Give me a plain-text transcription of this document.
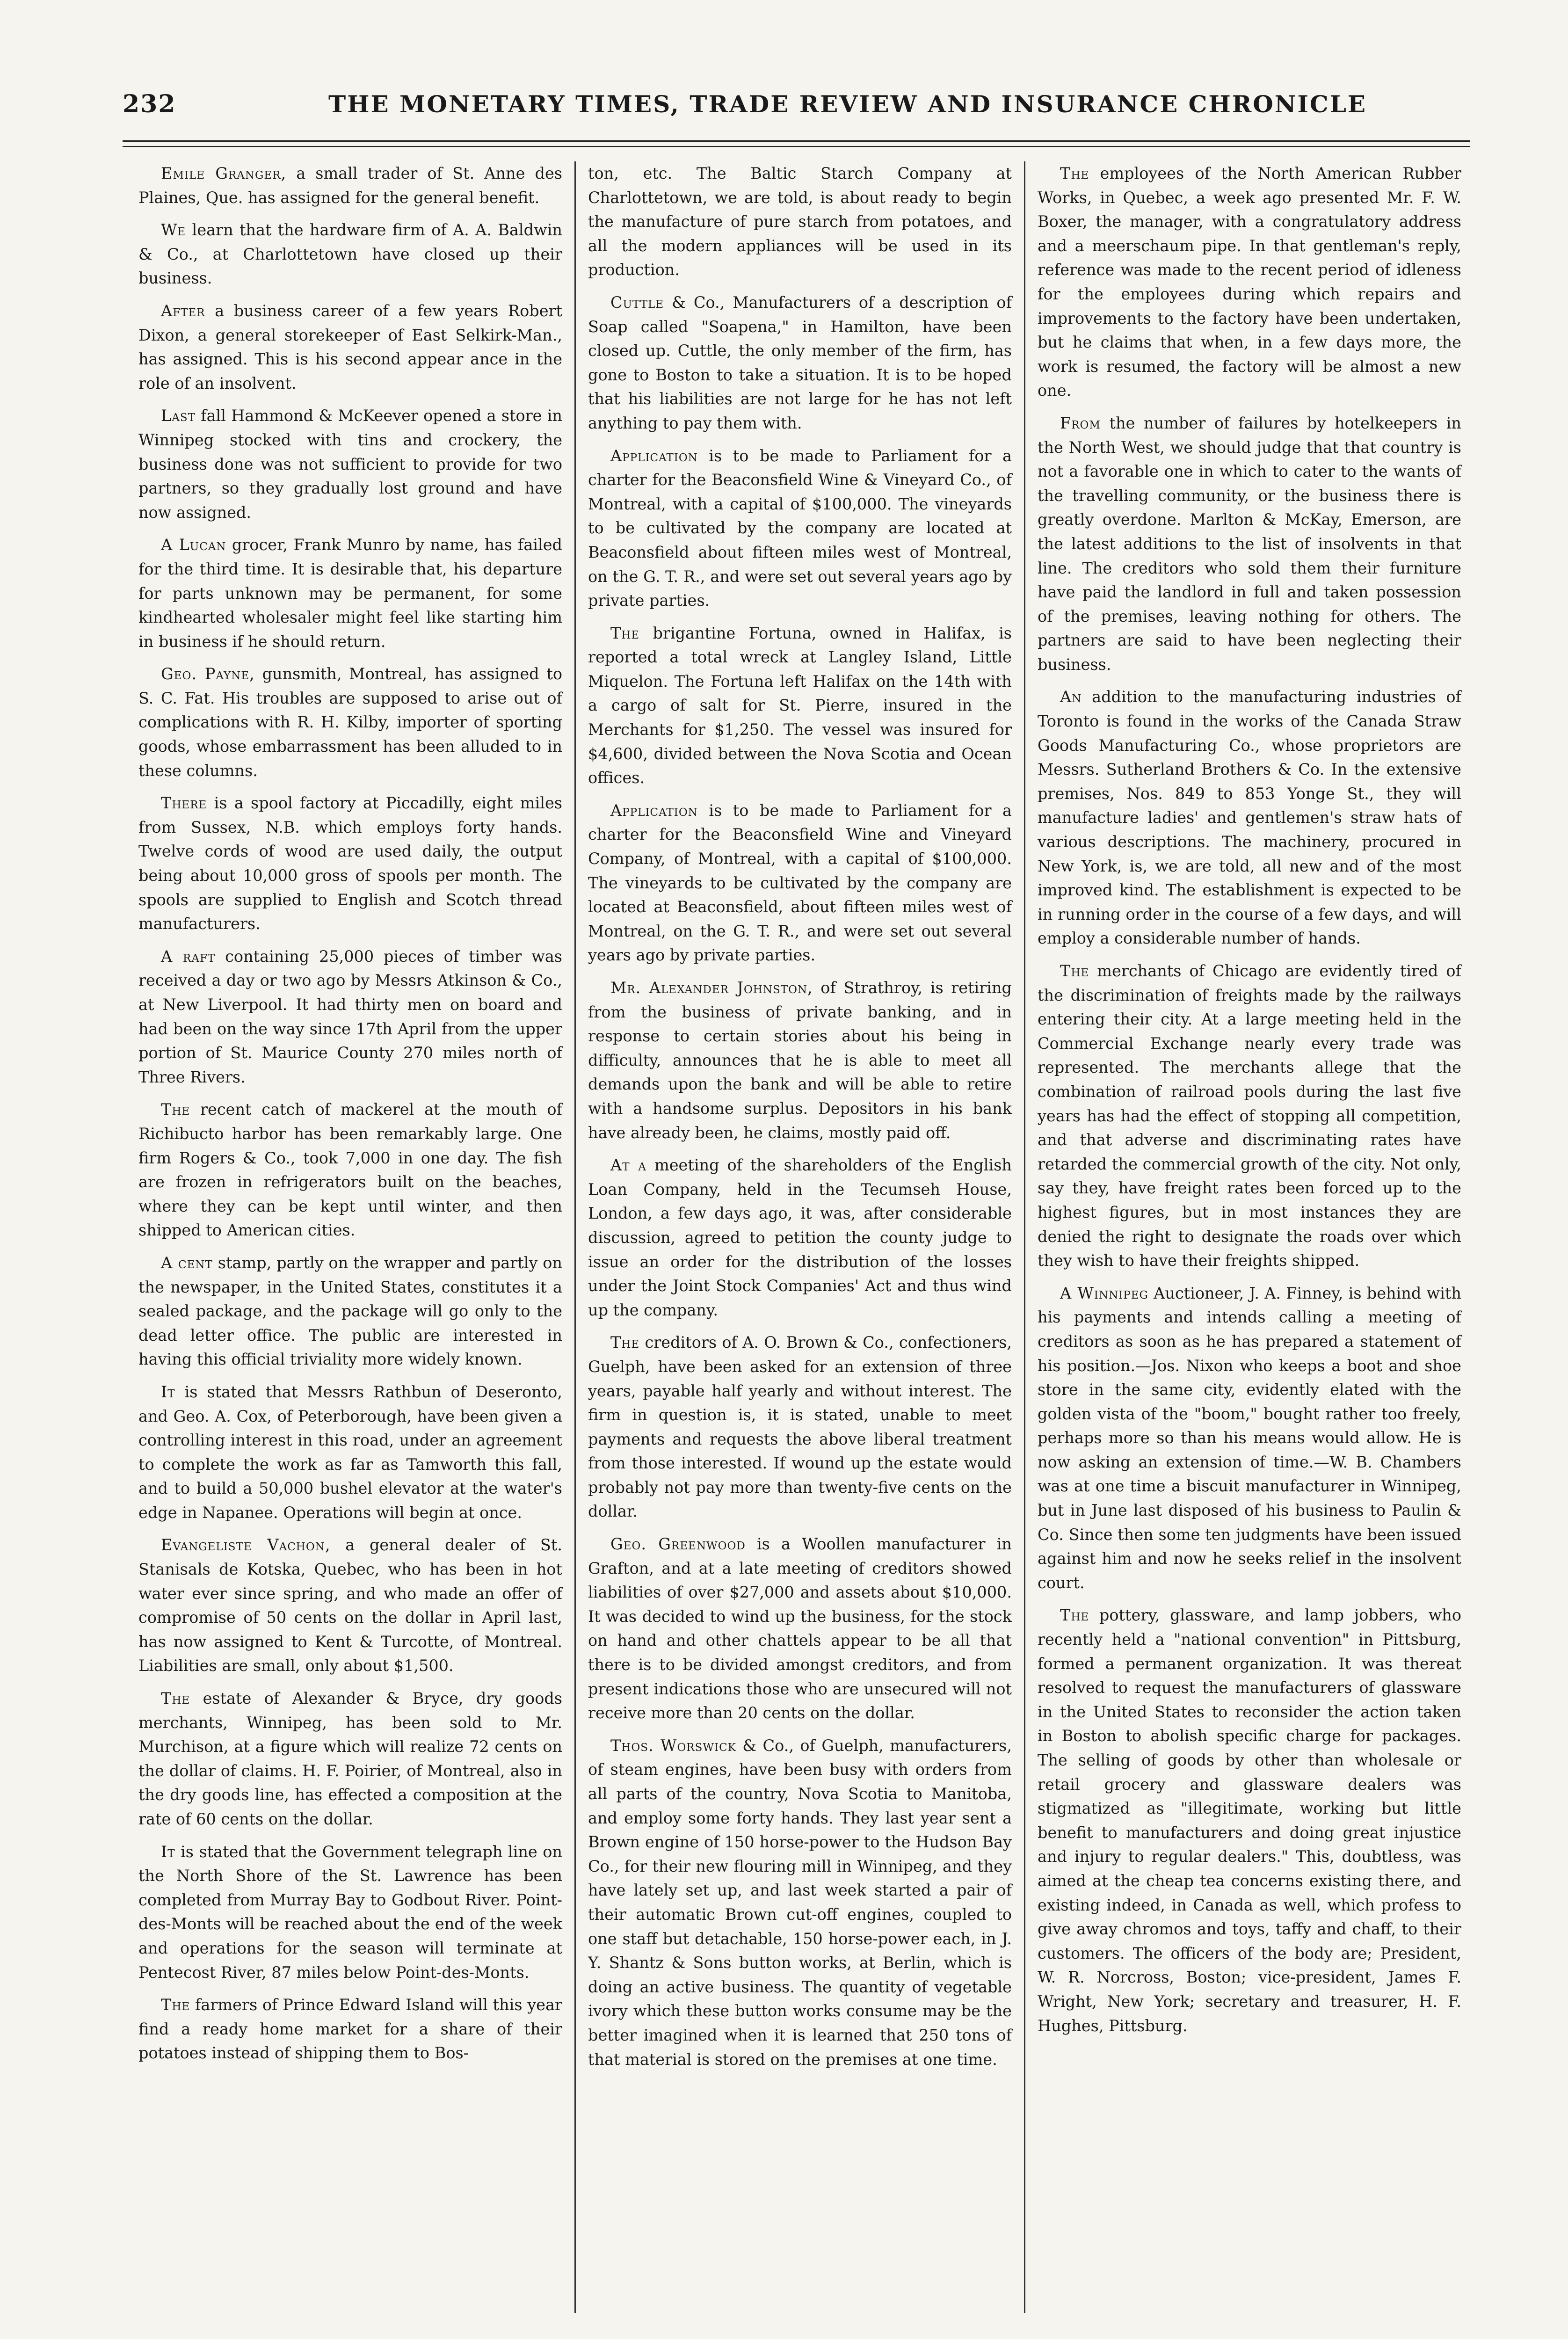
232	THE MONETARY TIMES, TRADE REVIEW AND INSURANCE CHRONICLE

Emile Granger, a small trader of St. Anne des Plaines, Que. has assigned for the general benefit.

We learn that the hardware firm of A. A. Baldwin & Co., at Charlottetown have closed up their business.

After a business career of a few years Robert Dixon, a general storekeeper of East Selkirk-Man., has assigned. This is his second appear ance in the role of an insolvent.

Last fall Hammond & McKeever opened a store in Winnipeg stocked with tins and crockery, the business done was not sufficient to provide for two partners, so they gradually lost ground and have now assigned.

A Lucan grocer, Frank Munro by name, has failed for the third time. It is desirable that, his departure for parts unknown may be permanent, for some kindhearted wholesaler might feel like starting him in business if he should return.

Geo. Payne, gunsmith, Montreal, has assigned to S. C. Fat. His troubles are supposed to arise out of complications with R. H. Kilby, importer of sporting goods, whose embarrassment has been alluded to in these columns.

There is a spool factory at Piccadilly, eight miles from Sussex, N.B. which employs forty hands. Twelve cords of wood are used daily, the output being about 10,000 gross of spools per month. The spools are supplied to English and Scotch thread manufacturers.

A raft containing 25,000 pieces of timber was received a day or two ago by Messrs Atkinson & Co., at New Liverpool. It had thirty men on board and had been on the way since 17th April from the upper portion of St. Maurice County 270 miles north of Three Rivers.

The recent catch of mackerel at the mouth of Richibucto harbor has been remarkably large. One firm Rogers & Co., took 7,000 in one day. The fish are frozen in refrigerators built on the beaches, where they can be kept until winter, and then shipped to American cities.

A cent stamp, partly on the wrapper and partly on the newspaper, in the United States, constitutes it a sealed package, and the package will go only to the dead letter office. The public are interested in having this official triviality more widely known.

It is stated that Messrs Rathbun of Deseronto, and Geo. A. Cox, of Peterborough, have been given a controlling interest in this road, under an agreement to complete the work as far as Tamworth this fall, and to build a 50,000 bushel elevator at the water's edge in Napanee. Operations will begin at once.

Evangeliste Vachon, a general dealer of St. Stanisals de Kotska, Quebec, who has been in hot water ever since spring, and who made an offer of compromise of 50 cents on the dollar in April last, has now assigned to Kent & Turcotte, of Montreal. Liabilities are small, only about $1,500.

The estate of Alexander & Bryce, dry goods merchants, Winnipeg, has been sold to Mr. Murchison, at a figure which will realize 72 cents on the dollar of claims. H. F. Poirier, of Montreal, also in the dry goods line, has effected a composition at the rate of 60 cents on the dollar.

It is stated that the Government telegraph line on the North Shore of the St. Lawrence has been completed from Murray Bay to Godbout River. Point-des-Monts will be reached about the end of the week and operations for the season will terminate at Pentecost River, 87 miles below Point-des-Monts.

The farmers of Prince Edward Island will this year find a ready home market for a share of their potatoes instead of shipping them to Bos-

ton, etc. The Baltic Starch Company at Charlottetown, we are told, is about ready to begin the manufacture of pure starch from potatoes, and all the modern appliances will be used in its production.

Cuttle & Co., Manufacturers of a description of Soap called "Soapena," in Hamilton, have been closed up. Cuttle, the only member of the firm, has gone to Boston to take a situation. It is to be hoped that his liabilities are not large for he has not left anything to pay them with.

Application is to be made to Parliament for a charter for the Beaconsfield Wine & Vineyard Co., of Montreal, with a capital of $100,000. The vineyards to be cultivated by the company are located at Beaconsfield about fifteen miles west of Montreal, on the G. T. R., and were set out several years ago by private parties.

The brigantine Fortuna, owned in Halifax, is reported a total wreck at Langley Island, Little Miquelon. The Fortuna left Halifax on the 14th with a cargo of salt for St. Pierre, insured in the Merchants for $1,250. The vessel was insured for $4,600, divided between the Nova Scotia and Ocean offices.

Application is to be made to Parliament for a charter for the Beaconsfield Wine and Vineyard Company, of Montreal, with a capital of $100,000. The vineyards to be cultivated by the company are located at Beaconsfield, about fifteen miles west of Montreal, on the G. T. R., and were set out several years ago by private parties.

Mr. Alexander Johnston, of Strathroy, is retiring from the business of private banking, and in response to certain stories about his being in difficulty, announces that he is able to meet all demands upon the bank and will be able to retire with a handsome surplus. Depositors in his bank have already been, he claims, mostly paid off.

At a meeting of the shareholders of the English Loan Company, held in the Tecumseh House, London, a few days ago, it was, after considerable discussion, agreed to petition the county judge to issue an order for the distribution of the losses under the Joint Stock Companies' Act and thus wind up the company.

The creditors of A. O. Brown & Co., confectioners, Guelph, have been asked for an extension of three years, payable half yearly and without interest. The firm in question is, it is stated, unable to meet payments and requests the above liberal treatment from those interested. If wound up the estate would probably not pay more than twenty-five cents on the dollar.

Geo. Greenwood is a Woollen manufacturer in Grafton, and at a late meeting of creditors showed liabilities of over $27,000 and assets about $10,000. It was decided to wind up the business, for the stock on hand and other chattels appear to be all that there is to be divided amongst creditors, and from present indications those who are unsecured will not receive more than 20 cents on the dollar.

Thos. Worswick & Co., of Guelph, manufacturers, of steam engines, have been busy with orders from all parts of the country, Nova Scotia to Manitoba, and employ some forty hands. They last year sent a Brown engine of 150 horse-power to the Hudson Bay Co., for their new flouring mill in Winnipeg, and they have lately set up, and last week started a pair of their automatic Brown cut-off engines, coupled to one staff but detachable, 150 horse-power each, in J. Y. Shantz & Sons button works, at Berlin, which is doing an active business. The quantity of vegetable ivory which these button works consume may be the better imagined when it is learned that 250 tons of that material is stored on the premises at one time.

The employees of the North American Rubber Works, in Quebec, a week ago presented Mr. F. W. Boxer, the manager, with a congratulatory address and a meerschaum pipe. In that gentleman's reply, reference was made to the recent period of idleness for the employees during which repairs and improvements to the factory have been undertaken, but he claims that when, in a few days more, the work is resumed, the factory will be almost a new one.

From the number of failures by hotelkeepers in the North West, we should judge that that country is not a favorable one in which to cater to the wants of the travelling community, or the business there is greatly overdone. Marlton & McKay, Emerson, are the latest additions to the list of insolvents in that line. The creditors who sold them their furniture have paid the landlord in full and taken possession of the premises, leaving nothing for others. The partners are said to have been neglecting their business.

An addition to the manufacturing industries of Toronto is found in the works of the Canada Straw Goods Manufacturing Co., whose proprietors are Messrs. Sutherland Brothers & Co. In the extensive premises, Nos. 849 to 853 Yonge St., they will manufacture ladies' and gentlemen's straw hats of various descriptions. The machinery, procured in New York, is, we are told, all new and of the most improved kind. The establishment is expected to be in running order in the course of a few days, and will employ a considerable number of hands.

The merchants of Chicago are evidently tired of the discrimination of freights made by the railways entering their city. At a large meeting held in the Commercial Exchange nearly every trade was represented. The merchants allege that the combination of railroad pools during the last five years has had the effect of stopping all competition, and that adverse and discriminating rates have retarded the commercial growth of the city. Not only, say they, have freight rates been forced up to the highest figures, but in most instances they are denied the right to designate the roads over which they wish to have their freights shipped.

A Winnipeg Auctioneer, J. A. Finney, is behind with his payments and intends calling a meeting of creditors as soon as he has prepared a statement of his position.—Jos. Nixon who keeps a boot and shoe store in the same city, evidently elated with the golden vista of the "boom," bought rather too freely, perhaps more so than his means would allow. He is now asking an extension of time.—W. B. Chambers was at one time a biscuit manufacturer in Winnipeg, but in June last disposed of his business to Paulin & Co. Since then some ten judgments have been issued against him and now he seeks relief in the insolvent court.

The pottery, glassware, and lamp jobbers, who recently held a "national convention" in Pittsburg, formed a permanent organization. It was thereat resolved to request the manufacturers of glassware in the United States to reconsider the action taken in Boston to abolish specific charge for packages. The selling of goods by other than wholesale or retail grocery and glassware dealers was stigmatized as "illegitimate, working but little benefit to manufacturers and doing great injustice and injury to regular dealers." This, doubtless, was aimed at the cheap tea concerns existing there, and existing indeed, in Canada as well, which profess to give away chromos and toys, taffy and chaff, to their customers. The officers of the body are; President, W. R. Norcross, Boston; vice-president, James F. Wright, New York; secretary and treasurer, H. F. Hughes, Pittsburg.
